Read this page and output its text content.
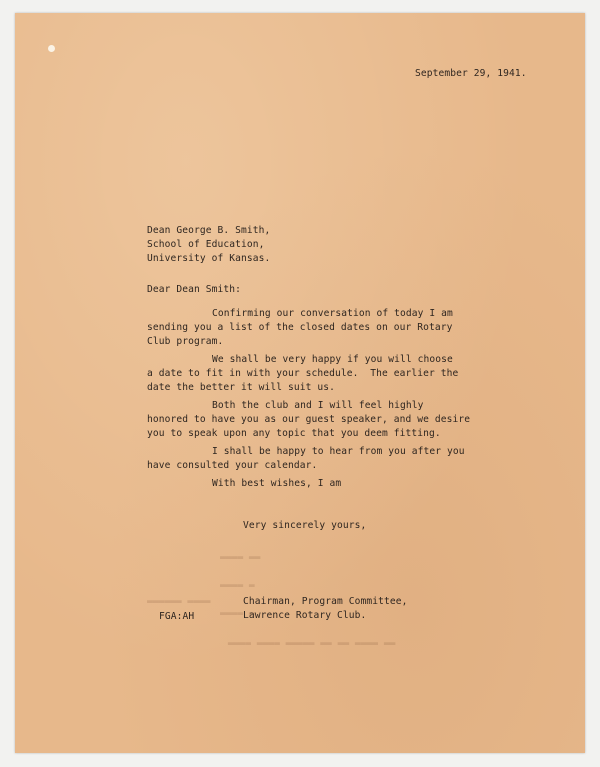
September 29, 1941.

Dean George B. Smith,

School of Education,

University of Kansas.

Dear Dean Smith:

Confirming our conversation of today I am

sending you a list of the closed dates on our Rotary

Club program.

We shall be very happy if you will choose

a date to fit in with your schedule.  The earlier the

date the better it will suit us.

Both the club and I will feel highly

honored to have you as our guest speaker, and we desire

you to speak upon any topic that you deem fitting.

I shall be happy to hear from you after you

have consulted your calendar.

With best wishes, I am

Very sincerely yours,

▬▬▬▬ ▬▬

▬▬▬▬ ▬

▬▬▬▬ ▬

▬▬▬▬▬▬ ▬▬▬▬

▬▬▬▬ ▬▬▬▬ ▬▬▬▬▬ ▬▬ ▬▬ ▬▬▬▬ ▬▬

Chairman, Program Committee,

Lawrence Rotary Club.

FGA:AH
